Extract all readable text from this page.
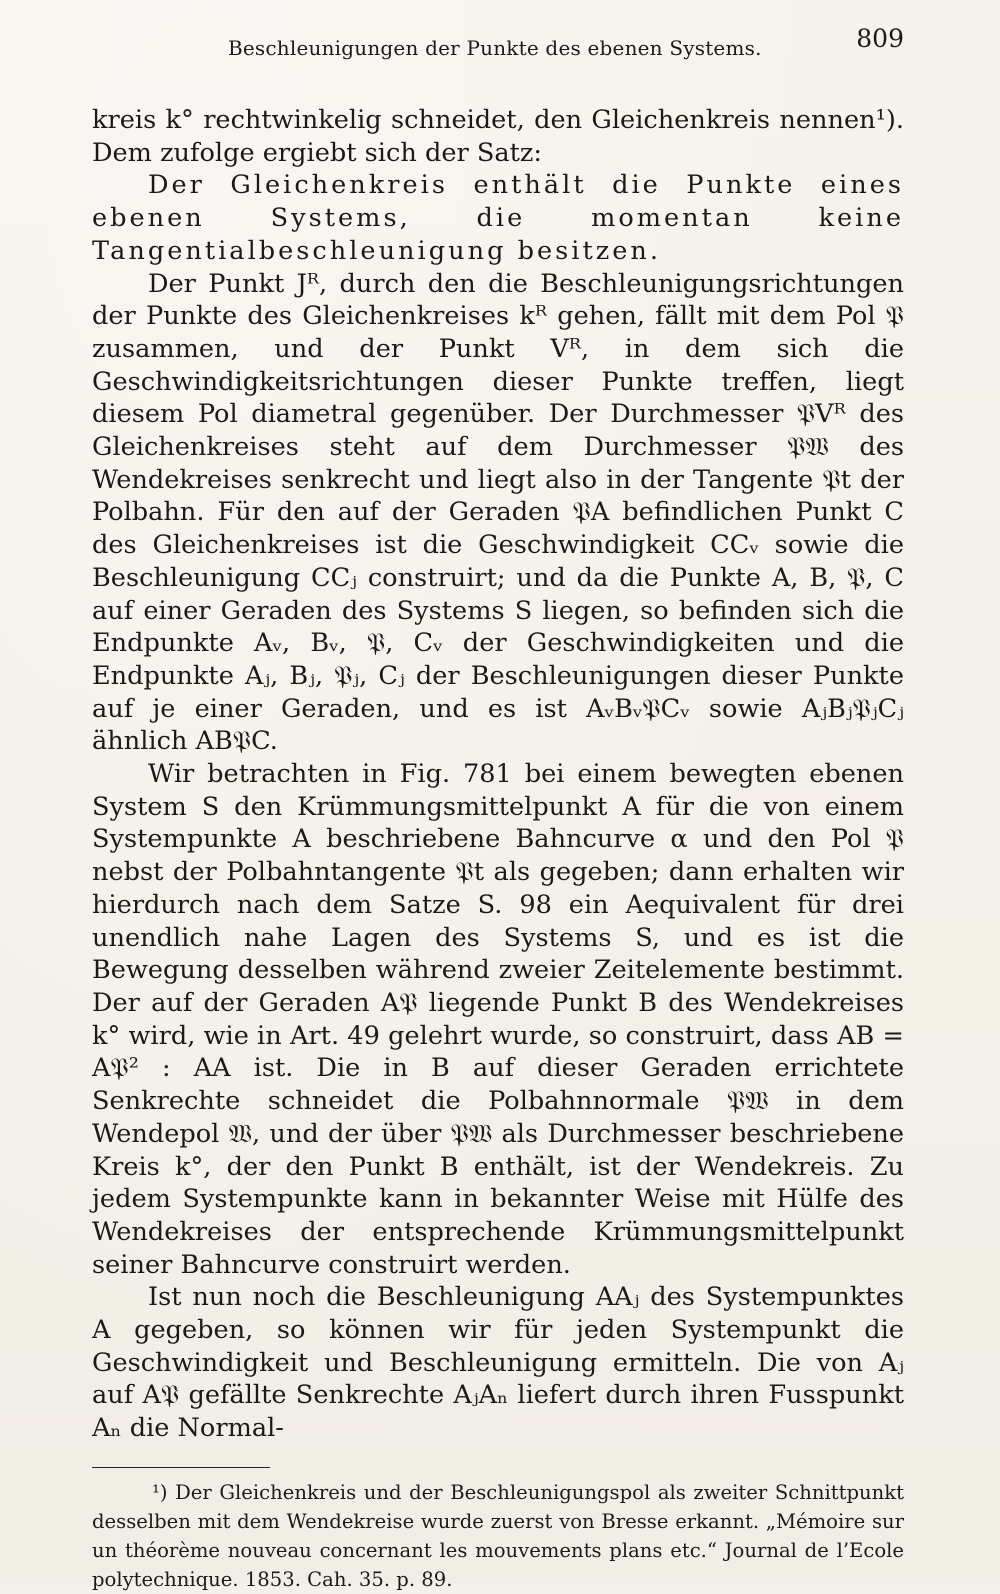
Beschleunigungen der Punkte des ebenen Systems.	809

kreis k° rechtwinkelig schneidet, den Gleichenkreis nennen¹). Dem zufolge ergiebt sich der Satz:

Der Gleichenkreis enthält die Punkte eines ebenen Systems, die momentan keine Tangentialbeschleunigung besitzen.

Der Punkt Jᴿ, durch den die Beschleunigungsrichtungen der Punkte des Gleichenkreises kᴿ gehen, fällt mit dem Pol 𝔓 zusammen, und der Punkt Vᴿ, in dem sich die Geschwindigkeitsrichtungen dieser Punkte treffen, liegt diesem Pol diametral gegenüber. Der Durchmesser 𝔓Vᴿ des Gleichenkreises steht auf dem Durchmesser 𝔓𝔚 des Wendekreises senkrecht und liegt also in der Tangente 𝔓t der Polbahn. Für den auf der Geraden 𝔓A befindlichen Punkt C des Gleichenkreises ist die Geschwindigkeit CCᵥ sowie die Beschleunigung CCⱼ construirt; und da die Punkte A, B, 𝔓, C auf einer Geraden des Systems S liegen, so befinden sich die Endpunkte Aᵥ, Bᵥ, 𝔓, Cᵥ der Geschwindigkeiten und die Endpunkte Aⱼ, Bⱼ, 𝔓ⱼ, Cⱼ der Beschleunigungen dieser Punkte auf je einer Geraden, und es ist AᵥBᵥ𝔓Cᵥ sowie AⱼBⱼ𝔓ⱼCⱼ ähnlich AB𝔓C.

Wir betrachten in Fig. 781 bei einem bewegten ebenen System S den Krümmungsmittelpunkt A für die von einem Systempunkte A beschriebene Bahncurve α und den Pol 𝔓 nebst der Polbahntangente 𝔓t als gegeben; dann erhalten wir hierdurch nach dem Satze S. 98 ein Aequivalent für drei unendlich nahe Lagen des Systems S, und es ist die Bewegung desselben während zweier Zeitelemente bestimmt. Der auf der Geraden A𝔓 liegende Punkt B des Wendekreises k° wird, wie in Art. 49 gelehrt wurde, so construirt, dass AB = A𝔓² : AA ist. Die in B auf dieser Geraden errichtete Senkrechte schneidet die Polbahnnormale 𝔓𝔚 in dem Wendepol 𝔚, und der über 𝔓𝔚 als Durchmesser beschriebene Kreis k°, der den Punkt B enthält, ist der Wendekreis. Zu jedem Systempunkte kann in bekannter Weise mit Hülfe des Wendekreises der entsprechende Krümmungsmittelpunkt seiner Bahncurve construirt werden.

Ist nun noch die Beschleunigung AAⱼ des Systempunktes A gegeben, so können wir für jeden Systempunkt die Geschwindigkeit und Beschleunigung ermitteln. Die von Aⱼ auf A𝔓 gefällte Senkrechte AⱼAₙ liefert durch ihren Fusspunkt Aₙ die Normal-

¹) Der Gleichenkreis und der Beschleunigungspol als zweiter Schnittpunkt desselben mit dem Wendekreise wurde zuerst von Bresse erkannt. „Mémoire sur un théorème nouveau concernant les mouvements plans etc.“ Journal de l’Ecole polytechnique. 1853. Cah. 35. p. 89.
